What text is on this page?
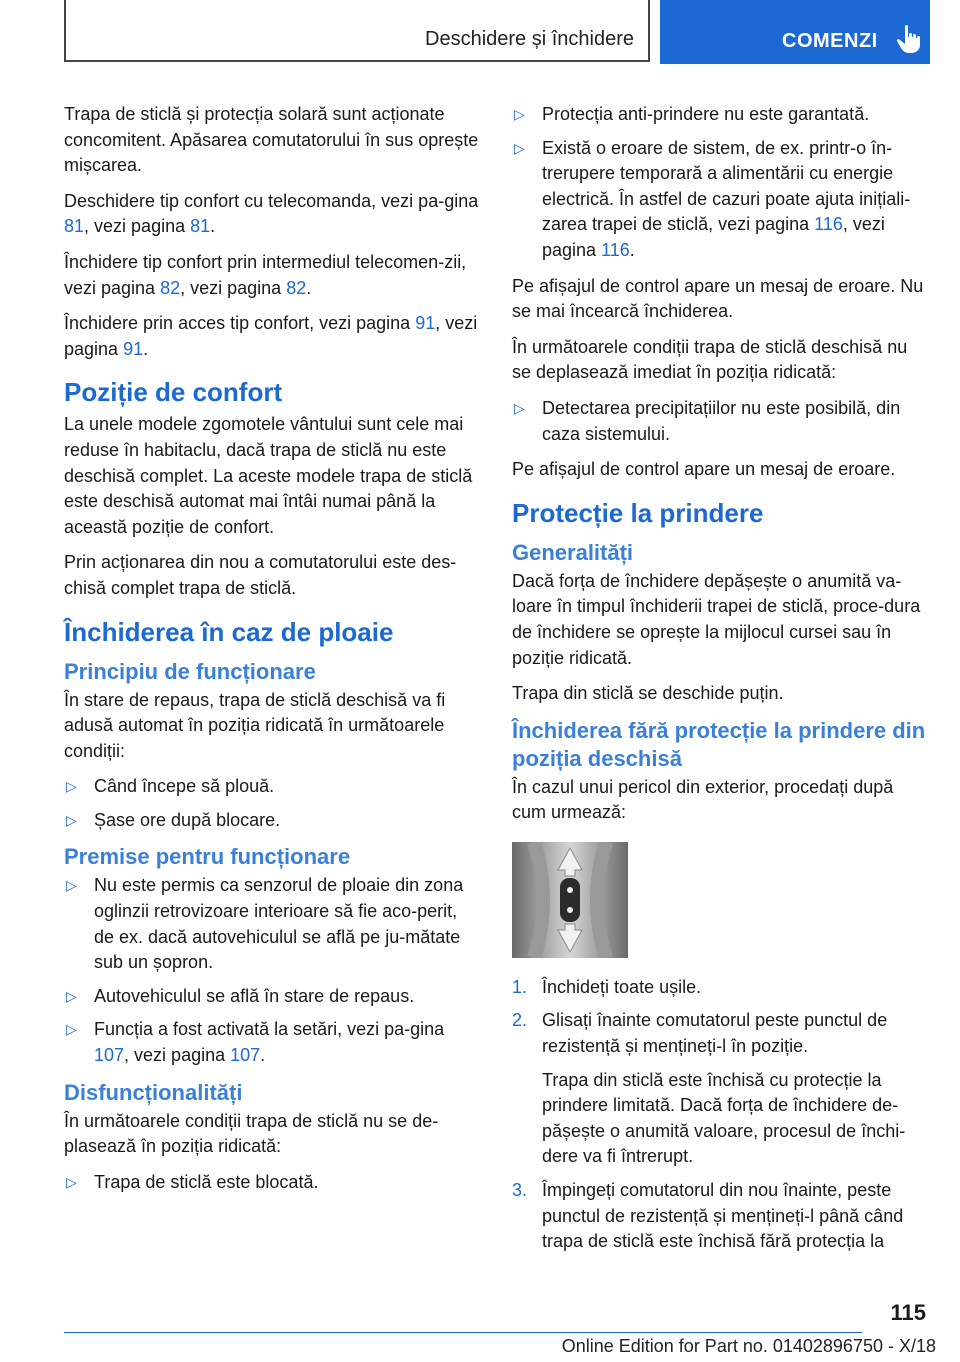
Deschidere și închidere	COMENZI

Trapa de sticlă și protecția solară sunt acționate concomitent. Apăsarea comutatorului în sus oprește mișcarea.

Deschidere tip confort cu telecomanda, vezi pa-gina 81, vezi pagina 81.

Închidere tip confort prin intermediul telecomen-zii, vezi pagina 82, vezi pagina 82.

Închidere prin acces tip confort, vezi pagina 91, vezi pagina 91.

Poziție de confort

La unele modele zgomotele vântului sunt cele mai reduse în habitaclu, dacă trapa de sticlă nu este deschisă complet. La aceste modele trapa de sticlă este deschisă automat mai întâi numai până la această poziție de confort.

Prin acționarea din nou a comutatorului este des-chisă complet trapa de sticlă.

Închiderea în caz de ploaie
Principiu de funcționare

În stare de repaus, trapa de sticlă deschisă va fi adusă automat în poziția ridicată în următoarele condiții:

▷ Când începe să plouă.
▷ Șase ore după blocare.
Premise pentru funcționare
▷ Nu este permis ca senzorul de ploaie din zona oglinzii retrovizoare interioare să fie aco-perit, de ex. dacă autovehiculul se află pe ju-mătate sub un șopron.
▷ Autovehiculul se află în stare de repaus.
▷ Funcția a fost activată la setări, vezi pa-gina 107, vezi pagina 107.
Disfuncționalități

În următoarele condiții trapa de sticlă nu se de-plasează în poziția ridicată:

▷ Trapa de sticlă este blocată.
▷ Protecția anti-prindere nu este garantată.
▷ Există o eroare de sistem, de ex. printr-o în-trerupere temporară a alimentării cu energie electrică. În astfel de cazuri poate ajuta inițiali-zarea trapei de sticlă, vezi pagina 116, vezi pagina 116.

Pe afișajul de control apare un mesaj de eroare. Nu se mai încearcă închiderea.

În următoarele condiții trapa de sticlă deschisă nu se deplasează imediat în poziția ridicată:

▷ Detectarea precipitațiilor nu este posibilă, din caza sistemului.

Pe afișajul de control apare un mesaj de eroare.

Protecție la prindere
Generalități

Dacă forța de închidere depășește o anumită va-loare în timpul închiderii trapei de sticlă, proce-dura de închidere se oprește la mijlocul cursei sau în poziție ridicată.

Trapa din sticlă se deschide puțin.

Închiderea fără protecție la prindere din poziția deschisă

În cazul unui pericol din exterior, procedați după cum urmează:

1. Închideți toate ușile.
2. Glisați înainte comutatorul peste punctul de rezistență și mențineți-l în poziție.
Trapa din sticlă este închisă cu protecție la prindere limitată. Dacă forța de închidere de-pășește o anumită valoare, procesul de închi-dere va fi întrerupt.
3. Împingeți comutatorul din nou înainte, peste punctul de rezistență și mențineți-l până când trapa de sticlă este închisă fără protecția la
115
Online Edition for Part no. 01402896750 - X/18
